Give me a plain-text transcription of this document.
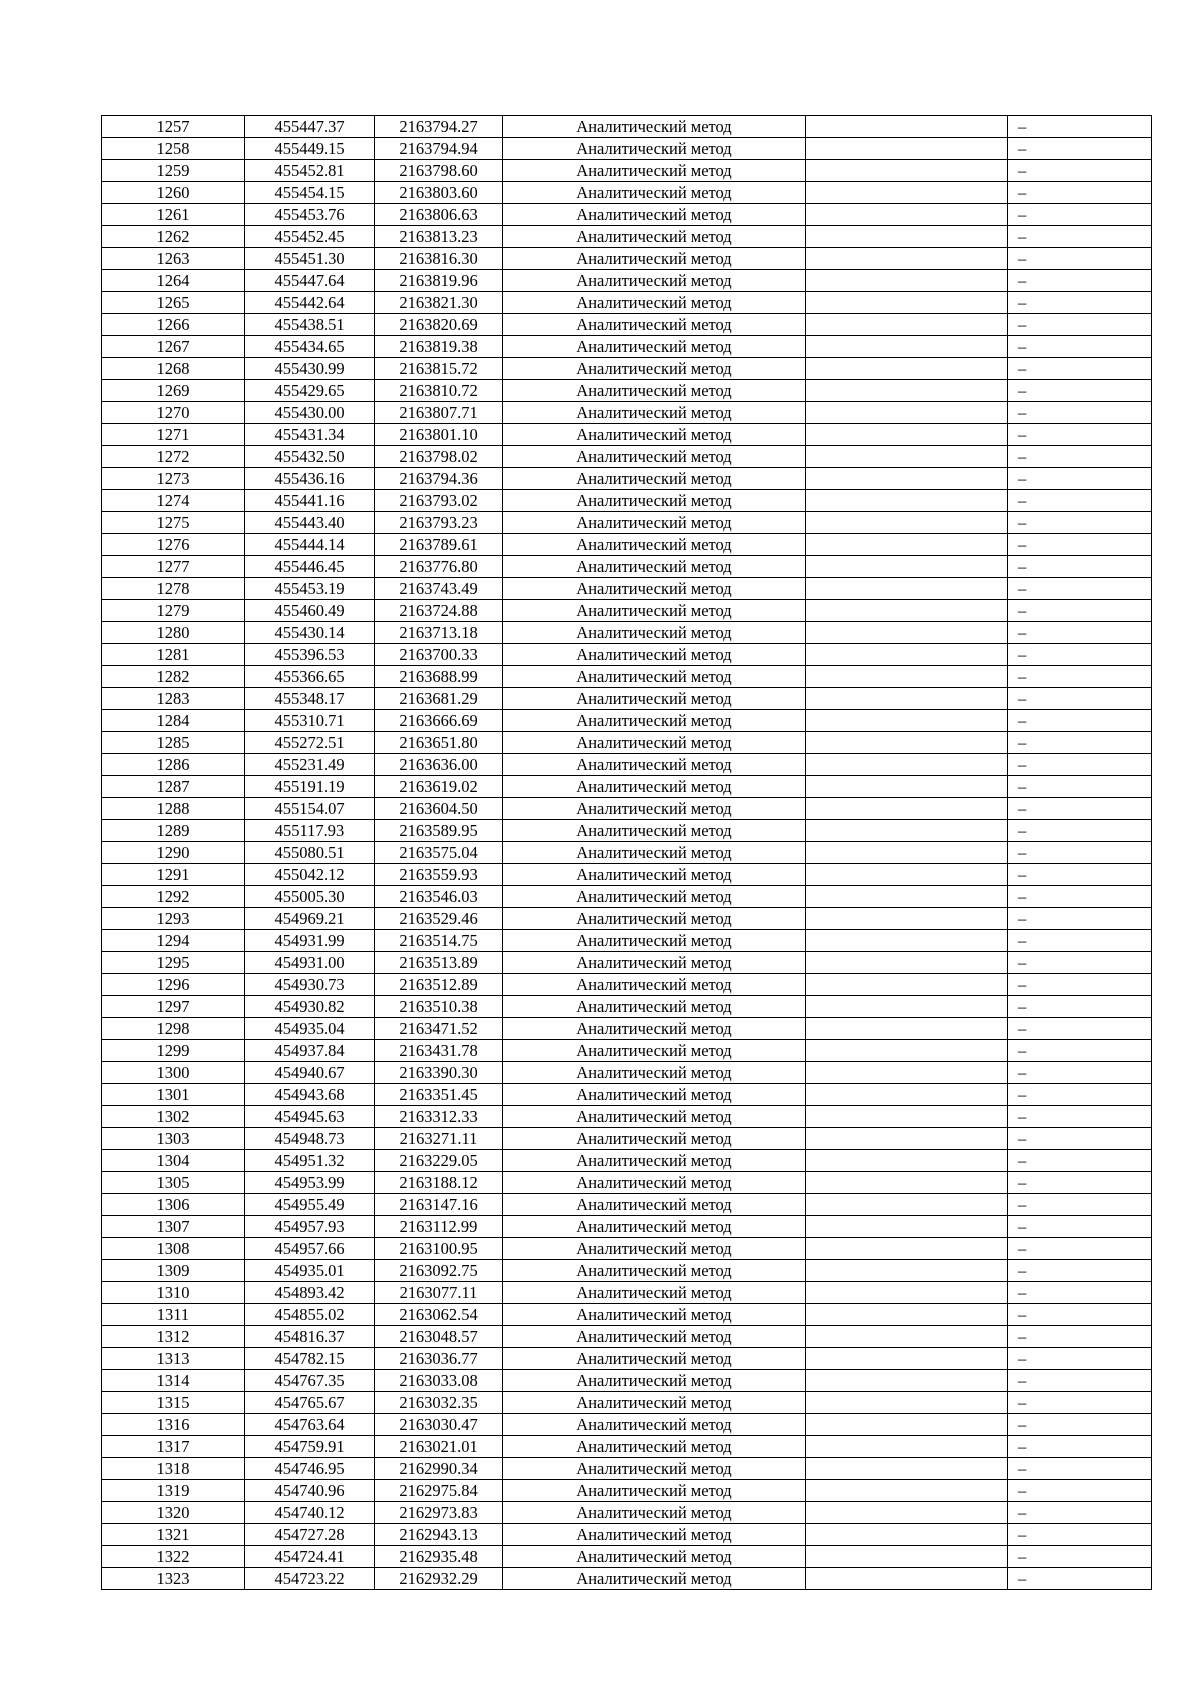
1257	455447.37	2163794.27	Аналитический метод		–
1258	455449.15	2163794.94	Аналитический метод		–
1259	455452.81	2163798.60	Аналитический метод		–
1260	455454.15	2163803.60	Аналитический метод		–
1261	455453.76	2163806.63	Аналитический метод		–
1262	455452.45	2163813.23	Аналитический метод		–
1263	455451.30	2163816.30	Аналитический метод		–
1264	455447.64	2163819.96	Аналитический метод		–
1265	455442.64	2163821.30	Аналитический метод		–
1266	455438.51	2163820.69	Аналитический метод		–
1267	455434.65	2163819.38	Аналитический метод		–
1268	455430.99	2163815.72	Аналитический метод		–
1269	455429.65	2163810.72	Аналитический метод		–
1270	455430.00	2163807.71	Аналитический метод		–
1271	455431.34	2163801.10	Аналитический метод		–
1272	455432.50	2163798.02	Аналитический метод		–
1273	455436.16	2163794.36	Аналитический метод		–
1274	455441.16	2163793.02	Аналитический метод		–
1275	455443.40	2163793.23	Аналитический метод		–
1276	455444.14	2163789.61	Аналитический метод		–
1277	455446.45	2163776.80	Аналитический метод		–
1278	455453.19	2163743.49	Аналитический метод		–
1279	455460.49	2163724.88	Аналитический метод		–
1280	455430.14	2163713.18	Аналитический метод		–
1281	455396.53	2163700.33	Аналитический метод		–
1282	455366.65	2163688.99	Аналитический метод		–
1283	455348.17	2163681.29	Аналитический метод		–
1284	455310.71	2163666.69	Аналитический метод		–
1285	455272.51	2163651.80	Аналитический метод		–
1286	455231.49	2163636.00	Аналитический метод		–
1287	455191.19	2163619.02	Аналитический метод		–
1288	455154.07	2163604.50	Аналитический метод		–
1289	455117.93	2163589.95	Аналитический метод		–
1290	455080.51	2163575.04	Аналитический метод		–
1291	455042.12	2163559.93	Аналитический метод		–
1292	455005.30	2163546.03	Аналитический метод		–
1293	454969.21	2163529.46	Аналитический метод		–
1294	454931.99	2163514.75	Аналитический метод		–
1295	454931.00	2163513.89	Аналитический метод		–
1296	454930.73	2163512.89	Аналитический метод		–
1297	454930.82	2163510.38	Аналитический метод		–
1298	454935.04	2163471.52	Аналитический метод		–
1299	454937.84	2163431.78	Аналитический метод		–
1300	454940.67	2163390.30	Аналитический метод		–
1301	454943.68	2163351.45	Аналитический метод		–
1302	454945.63	2163312.33	Аналитический метод		–
1303	454948.73	2163271.11	Аналитический метод		–
1304	454951.32	2163229.05	Аналитический метод		–
1305	454953.99	2163188.12	Аналитический метод		–
1306	454955.49	2163147.16	Аналитический метод		–
1307	454957.93	2163112.99	Аналитический метод		–
1308	454957.66	2163100.95	Аналитический метод		–
1309	454935.01	2163092.75	Аналитический метод		–
1310	454893.42	2163077.11	Аналитический метод		–
1311	454855.02	2163062.54	Аналитический метод		–
1312	454816.37	2163048.57	Аналитический метод		–
1313	454782.15	2163036.77	Аналитический метод		–
1314	454767.35	2163033.08	Аналитический метод		–
1315	454765.67	2163032.35	Аналитический метод		–
1316	454763.64	2163030.47	Аналитический метод		–
1317	454759.91	2163021.01	Аналитический метод		–
1318	454746.95	2162990.34	Аналитический метод		–
1319	454740.96	2162975.84	Аналитический метод		–
1320	454740.12	2162973.83	Аналитический метод		–
1321	454727.28	2162943.13	Аналитический метод		–
1322	454724.41	2162935.48	Аналитический метод		–
1323	454723.22	2162932.29	Аналитический метод		–
